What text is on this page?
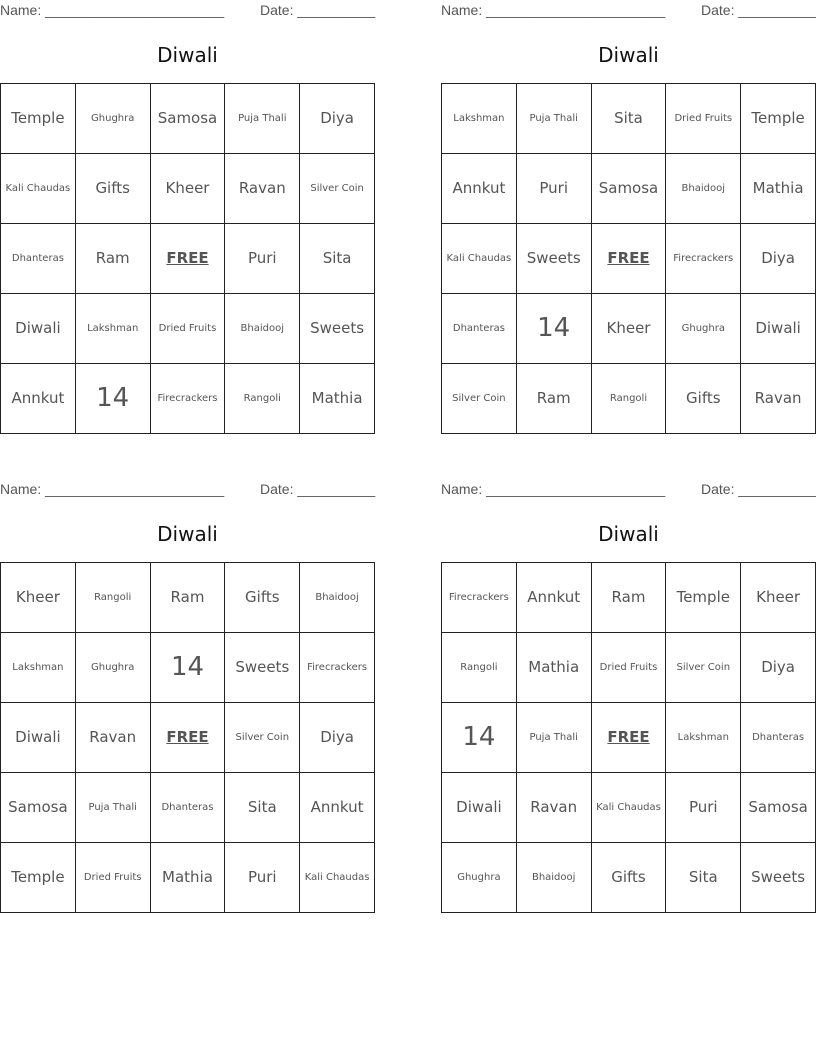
Name: _______________________	Date: __________
Diwali
Temple	Ghughra	Samosa	Puja Thali	Diya
Kali Chaudas	Gifts	Kheer	Ravan	Silver Coin
Dhanteras	Ram	FREE	Puri	Sita
Diwali	Lakshman	Dried Fruits	Bhaidooj	Sweets
Annkut	14	Firecrackers	Rangoli	Mathia
Name: _______________________	Date: __________
Diwali
Lakshman	Puja Thali	Sita	Dried Fruits	Temple
Annkut	Puri	Samosa	Bhaidooj	Mathia
Kali Chaudas	Sweets	FREE	Firecrackers	Diya
Dhanteras	14	Kheer	Ghughra	Diwali
Silver Coin	Ram	Rangoli	Gifts	Ravan
Name: _______________________	Date: __________
Diwali
Kheer	Rangoli	Ram	Gifts	Bhaidooj
Lakshman	Ghughra	14	Sweets	Firecrackers
Diwali	Ravan	FREE	Silver Coin	Diya
Samosa	Puja Thali	Dhanteras	Sita	Annkut
Temple	Dried Fruits	Mathia	Puri	Kali Chaudas
Name: _______________________	Date: __________
Diwali
Firecrackers	Annkut	Ram	Temple	Kheer
Rangoli	Mathia	Dried Fruits	Silver Coin	Diya
14	Puja Thali	FREE	Lakshman	Dhanteras
Diwali	Ravan	Kali Chaudas	Puri	Samosa
Ghughra	Bhaidooj	Gifts	Sita	Sweets
